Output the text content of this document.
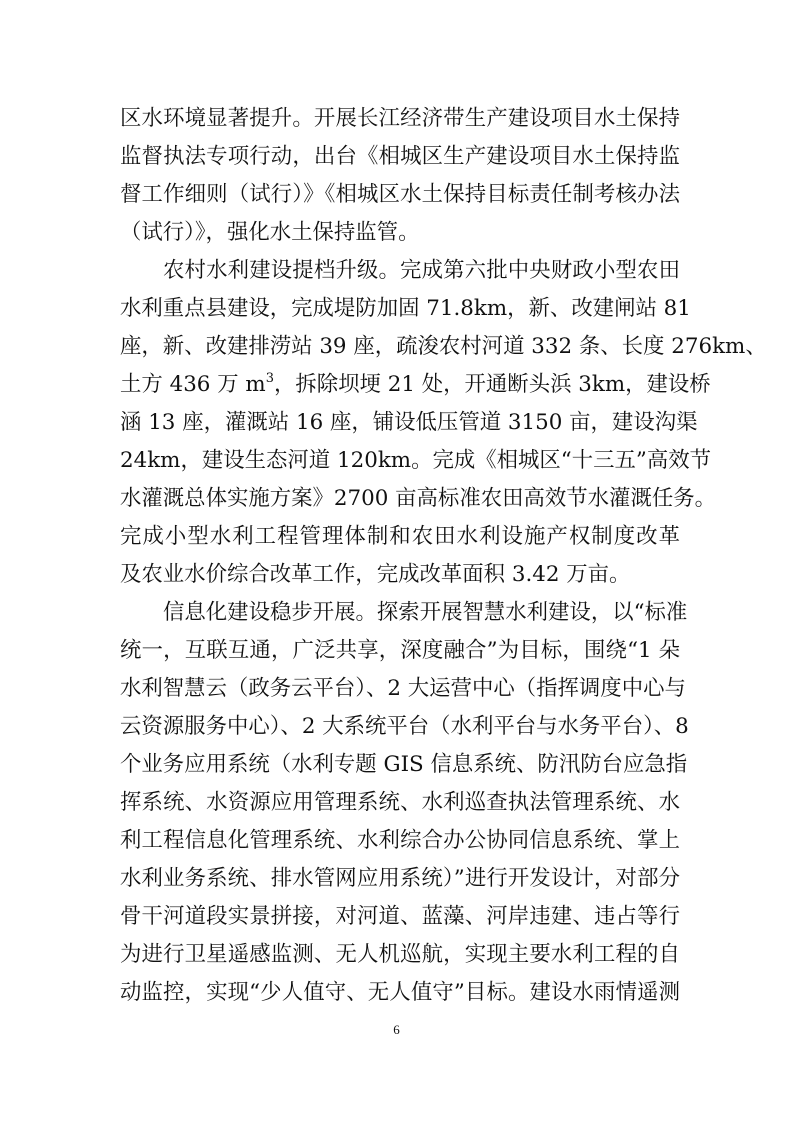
区水环境显著提升。开展长江经济带生产建设项目水土保持
监督执法专项行动，出台《相城区生产建设项目水土保持监
督工作细则（试行）》《相城区水土保持目标责任制考核办法
（试行）》，强化水土保持监管。
农村水利建设提档升级。完成第六批中央财政小型农田
水利重点县建设，完成堤防加固 71.8km，新、改建闸站 81
座，新、改建排涝站 39 座，疏浚农村河道 332 条、长度 276km、
土方 436 万 $m^3$，拆除坝埂 21 处，开通断头浜 3km，建设桥
涵 13 座，灌溉站 16 座，铺设低压管道 3150 亩，建设沟渠
24km，建设生态河道 120km。完成《相城区“十三五”高效节
水灌溉总体实施方案》2700 亩高标准农田高效节水灌溉任务。
完成小型水利工程管理体制和农田水利设施产权制度改革
及农业水价综合改革工作，完成改革面积 3.42 万亩。
信息化建设稳步开展。探索开展智慧水利建设，以“标准
统一，互联互通，广泛共享，深度融合”为目标，围绕“1 朵
水利智慧云（政务云平台）、2 大运营中心（指挥调度中心与
云资源服务中心）、2 大系统平台（水利平台与水务平台）、8
个业务应用系统（水利专题 GIS 信息系统、防汛防台应急指
挥系统、水资源应用管理系统、水利巡查执法管理系统、水
利工程信息化管理系统、水利综合办公协同信息系统、掌上
水利业务系统、排水管网应用系统）”进行开发设计，对部分
骨干河道段实景拼接，对河道、蓝藻、河岸违建、违占等行
为进行卫星遥感监测、无人机巡航，实现主要水利工程的自
动监控，实现“少人值守、无人值守”目标。建设水雨情遥测
6
